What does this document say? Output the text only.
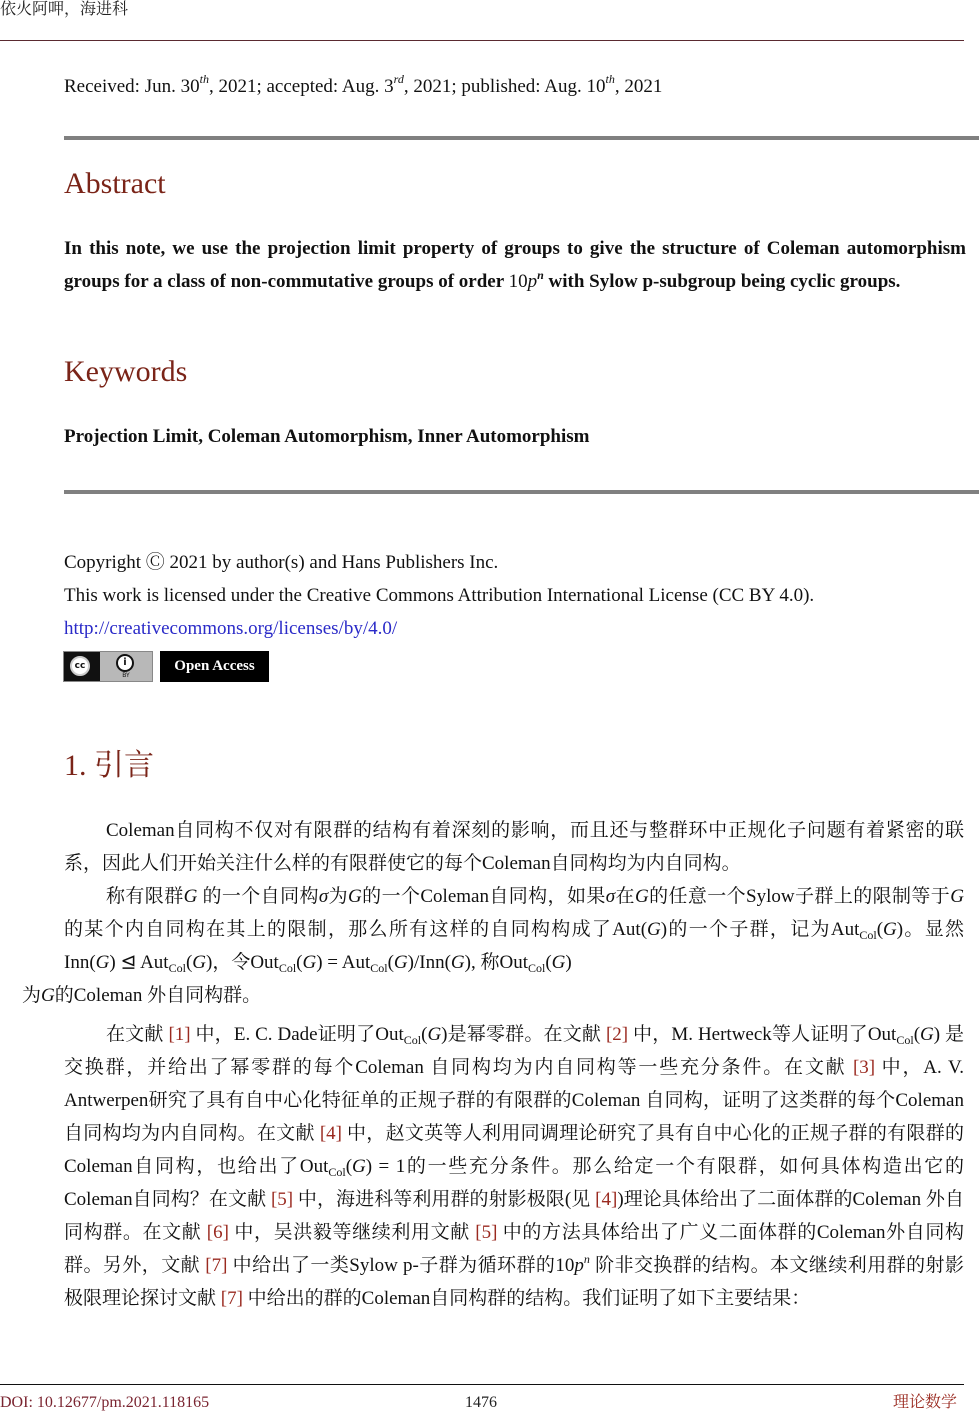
依火阿呷，海进科
Received: Jun. 30th, 2021; accepted: Aug. 3rd, 2021; published: Aug. 10th, 2021
Abstract
In this note, we use the projection limit property of groups to give the structure of Coleman automorphism groups for a class of non-commutative groups of order $10p^n$ with Sylow p-subgroup being cyclic groups.
Keywords
Projection Limit, Coleman Automorphism, Inner Automorphism
Copyright Ⓒ 2021 by author(s) and Hans Publishers Inc.
This work is licensed under the Creative Commons Attribution International License (CC BY 4.0).
http://creativecommons.org/licenses/by/4.0/
cc	i
BY
Open Access
1. 引言

Coleman自同构不仅对有限群的结构有着深刻的影响，而且还与整群环中正规化子问题有着紧密的联系，因此人们开始关注什么样的有限群使它的每个Coleman自同构均为内自同构。

称有限群G 的一个自同构σ为G的一个Coleman自同构，如果σ在G的任意一个Sylow子群上的限制等于G的某个内自同构在其上的限制，那么所有这样的自同构构成了Aut(G)的一个子群，记为Aut$_{Col}$(G)。显然Inn(G) ⊴ Aut$_{Col}$(G)，令Out$_{Col}$(G) = Aut$_{Col}$(G)/Inn(G), 称Out$_{Col}$(G)
为G的Coleman 外自同构群。

在文献 [1] 中，E. C. Dade证明了Out$_{Col}$(G)是幂零群。在文献 [2] 中，M. Hertweck等人证明了Out$_{Col}$(G) 是交换群，并给出了幂零群的每个Coleman 自同构均为内自同构等一些充分条件。在文献 [3] 中，A. V. Antwerpen研究了具有自中心化特征单的正规子群的有限群的Coleman 自同构，证明了这类群的每个Coleman 自同构均为内自同构。在文献 [4] 中，赵文英等人利用同调理论研究了具有自中心化的正规子群的有限群的Coleman自同构，也给出了Out$_{Col}$(G) = 1的一些充分条件。那么给定一个有限群，如何具体构造出它的Coleman自同构？在文献 [5] 中，海进科等利用群的射影极限(见 [4])理论具体给出了二面体群的Coleman 外自同构群。在文献 [6] 中，吴洪毅等继续利用文献 [5] 中的方法具体给出了广义二面体群的Coleman外自同构群。另外，文献 [7] 中给出了一类Sylow p-子群为循环群的$10p^n$ 阶非交换群的结构。本文继续利用群的射影极限理论探讨文献 [7] 中给出的群的Coleman自同构群的结构。我们证明了如下主要结果：

DOI: 10.12677/pm.2021.118165	1476	理论数学
